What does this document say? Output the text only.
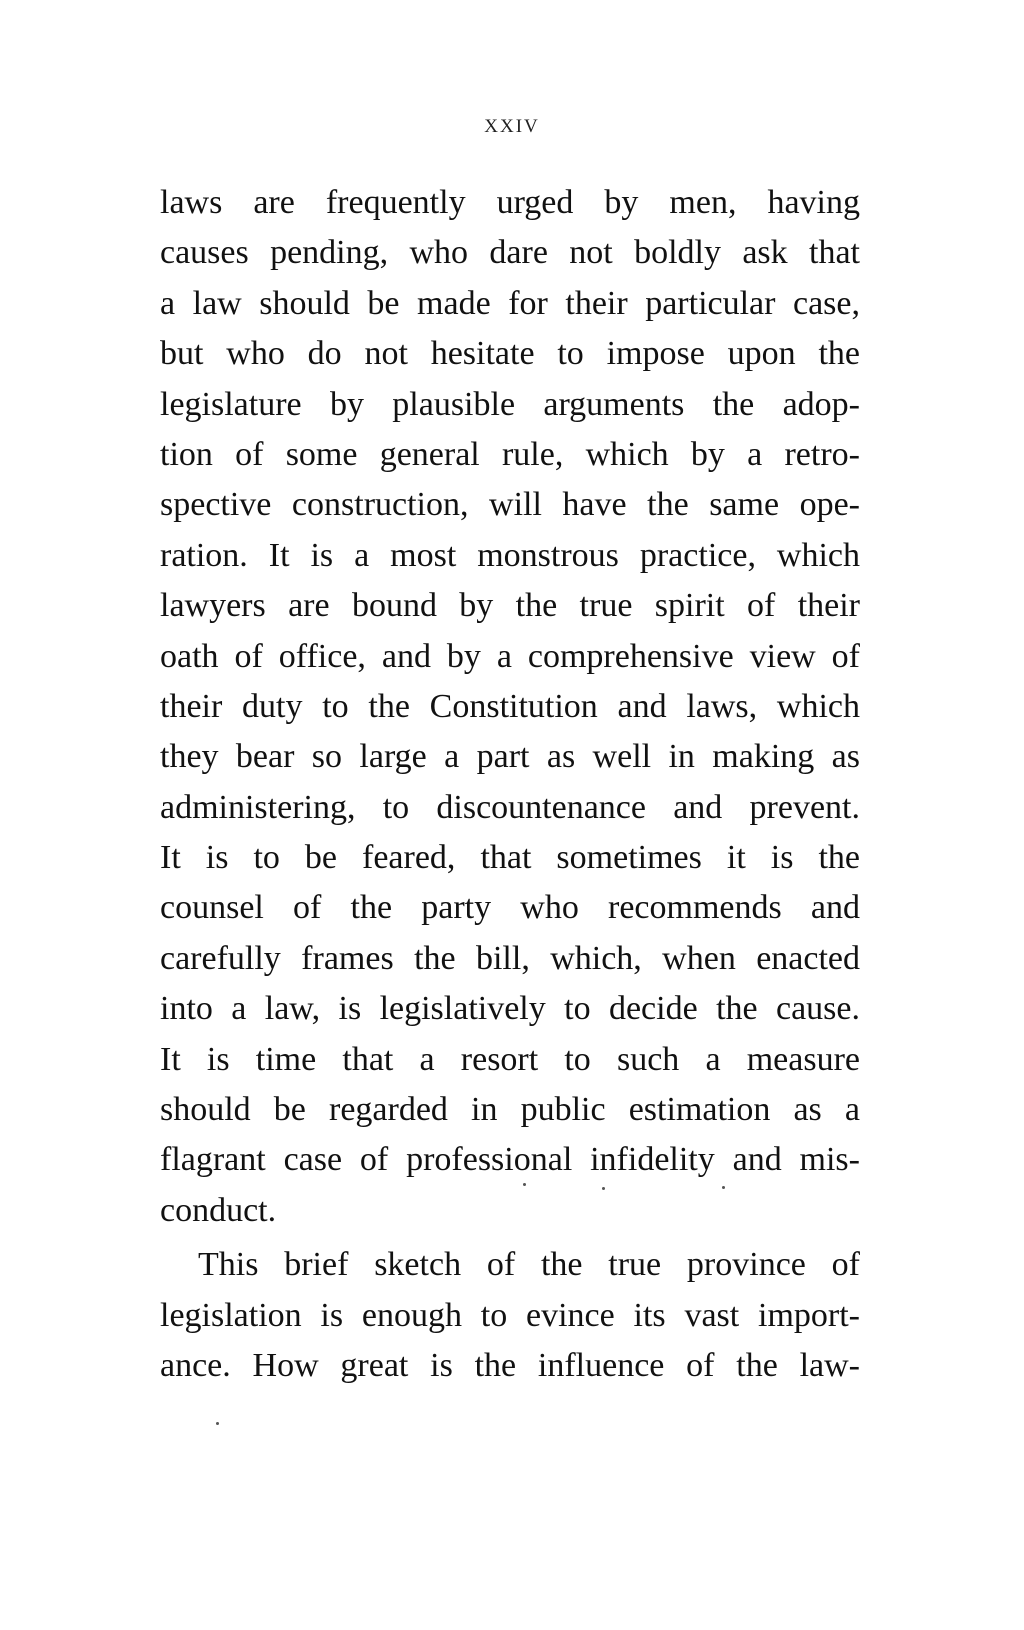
XXIV
laws are frequently urged by men, having
causes pending, who dare not boldly ask that
a law should be made for their particular case,
but who do not hesitate to impose upon the
legislature by plausible arguments the adop-
tion of some general rule, which by a retro-
spective construction, will have the same ope-
ration. It is a most monstrous practice, which
lawyers are bound by the true spirit of their
oath of office, and by a comprehensive view of
their duty to the Constitution and laws, which
they bear so large a part as well in making as
administering, to discountenance and prevent.
It is to be feared, that sometimes it is the
counsel of the party who recommends and
carefully frames the bill, which, when enacted
into a law, is legislatively to decide the cause.
It is time that a resort to such a measure
should be regarded in public estimation as a
flagrant case of professional infidelity and mis-
conduct.
This brief sketch of the true province of
legislation is enough to evince its vast import-
ance. How great is the influence of the law-
